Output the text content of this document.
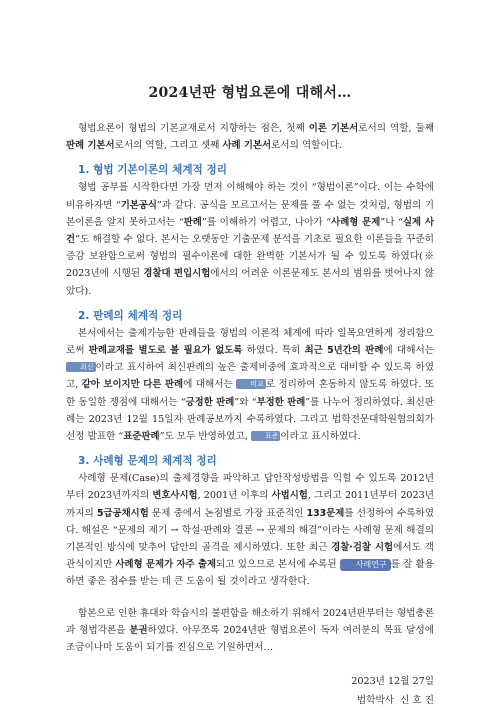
2024년판 형법요론에 대해서…

형법요론이 형법의 기본교재로서 지향하는 점은, 첫째 이론 기본서로서의 역할, 둘째 판례 기본서로서의 역할, 그리고 셋째 사례 기본서로서의 역할이다.

1. 형법 기본이론의 체계적 정리

형법 공부를 시작한다면 가장 먼저 이해해야 하는 것이 “형법이론”이다. 이는 수학에 비유하자면 “기본공식”과 같다. 공식을 모르고서는 문제를 풀 수 없는 것처럼, 형법의 기본이론을 알지 못하고서는 “판례”를 이해하기 어렵고, 나아가 “사례형 문제”나 “실제 사건”도 해결할 수 없다. 본서는 오랫동안 기출문제 분석을 기초로 필요한 이론들을 꾸준히 증감 보완함으로써 형법의 필수이론에 대한 완벽한 기본서가 될 수 있도록 하였다(※ 2023년에 시행된 경찰대 편입시험에서의 어려운 이론문제도 본서의 범위를 벗어나지 않았다).

2. 판례의 체계적 정리

본서에서는 출제가능한 판례들을 형법의 이론적 체계에 따라 일목요연하게 정리함으로써 판례교재를 별도로 볼 필요가 없도록 하였다. 특히 최근 5년간의 판례에 대해서는 최신 이라고 표시하여 최신판례의 높은 출제비중에 효과적으로 대비할 수 있도록 하였고, 같아 보이지만 다른 판례에 대해서는 비교 로 정리하여 혼동하지 않도록 하였다. 또한 동일한 쟁점에 대해서는 “긍정한 판례”와 “부정한 판례”를 나누어 정리하였다. 최신판례는 2023년 12월 15일자 판례공보까지 수록하였다. 그리고 법학전문대학원협의회가 선정 발표한 “표준판례”도 모두 반영하였고, 표준 이라고 표시하였다.

3. 사례형 문제의 체계적 정리

사례형 문제(Case)의 출제경향을 파악하고 답안작성방법을 익힐 수 있도록 2012년부터 2023년까지의 변호사시험, 2001년 이후의 사법시험, 그리고 2011년부터 2023년까지의 5급공채시험 문제 중에서 논점별로 가장 표준적인 133문제를 선정하여 수록하였다. 해설은 “문제의 제기 → 학설·판례와 결론 → 문제의 해결”이라는 사례형 문제 해결의 기본적인 방식에 맞추어 답안의 골격을 제시하였다. 또한 최근 경찰·검찰 시험에서도 객관식이지만 사례형 문제가 자주 출제되고 있으므로 본서에 수록된 사례연구 를 잘 활용하면 좋은 점수를 받는 데 큰 도움이 될 것이라고 생각한다.

합본으로 인한 휴대와 학습시의 불편함을 해소하기 위해서 2024년판부터는 형법총론과 형법각론을 분권하였다. 아무쪼록 2024년판 형법요론이 독자 여러분의 목표 달성에 조금이나마 도움이 되기를 진심으로 기원하면서…

2023년 12월 27일
법학박사  신 호 진
